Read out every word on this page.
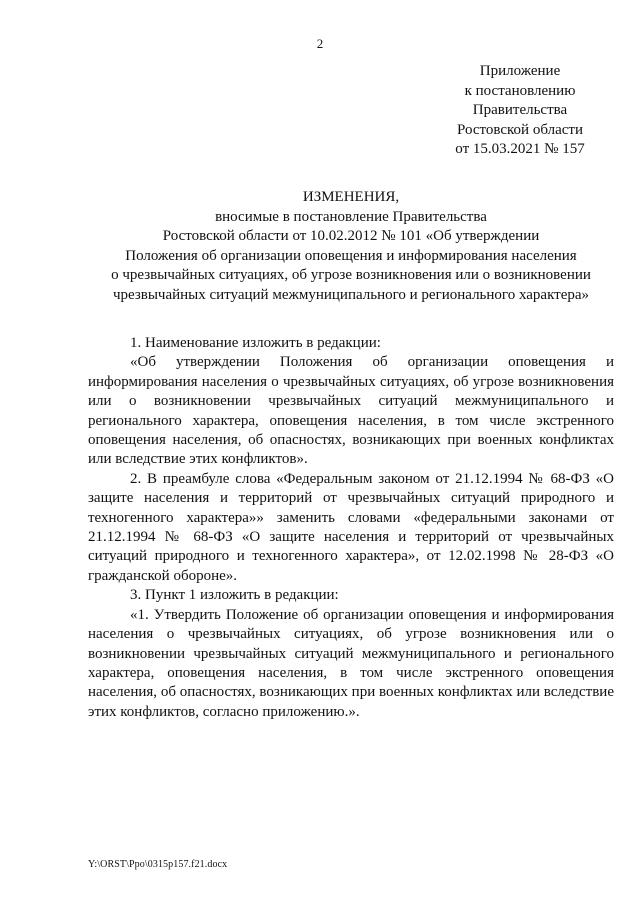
2
Приложение
к постановлению
Правительства
Ростовской области
от 15.03.2021 № 157
ИЗМЕНЕНИЯ,
вносимые в постановление Правительства
Ростовской области от 10.02.2012 № 101 «Об утверждении
Положения об организации оповещения и информирования населения
о чрезвычайных ситуациях, об угрозе возникновения или о возникновении
чрезвычайных ситуаций межмуниципального и регионального характера»

1. Наименование изложить в редакции:

«Об утверждении Положения об организации оповещения и информирования населения о чрезвычайных ситуациях, об угрозе возникновения или о возникновении чрезвычайных ситуаций межмуниципального и регионального характера, оповещения населения, в том числе экстренного оповещения населения, об опасностях, возникающих при военных конфликтах или вследствие этих конфликтов».

2. В преамбуле слова «Федеральным законом от 21.12.1994 № 68-ФЗ «О защите населения и территорий от чрезвычайных ситуаций природного и техногенного характера»» заменить словами «федеральными законами от 21.12.1994 № 68-ФЗ «О защите населения и территорий от чрезвычайных ситуаций природного и техногенного характера», от 12.02.1998 № 28-ФЗ «О гражданской обороне».

3. Пункт 1 изложить в редакции:

«1. Утвердить Положение об организации оповещения и информирования населения о чрезвычайных ситуациях, об угрозе возникновения или о возникновении чрезвычайных ситуаций межмуниципального и регионального характера, оповещения населения, в том числе экстренного оповещения населения, об опасностях, возникающих при военных конфликтах или вследствие этих конфликтов, согласно приложению.».

Y:\ORST\Ppo\0315p157.f21.docx
